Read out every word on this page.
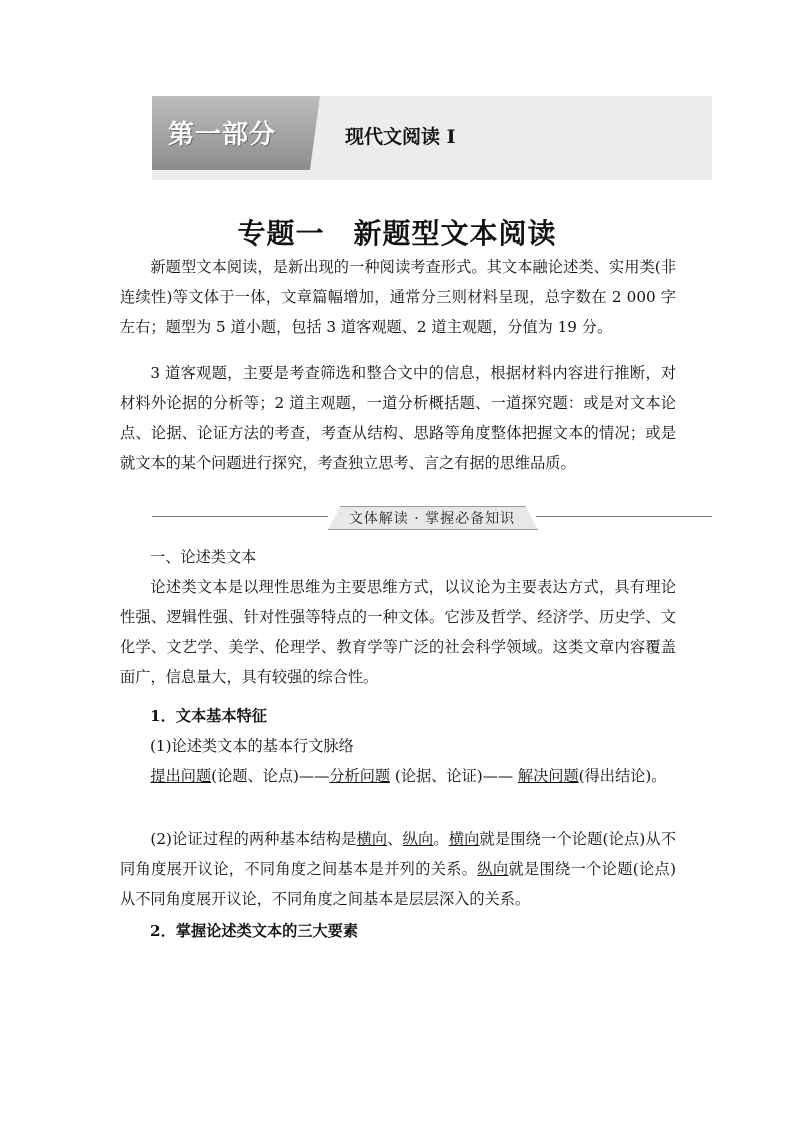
第一部分	现代文阅读 I
专题一　新题型文本阅读

新题型文本阅读，是新出现的一种阅读考查形式。其文本融论述类、实用类(非连续性)等文体于一体，文章篇幅增加，通常分三则材料呈现，总字数在 2 000 字左右；题型为 5 道小题，包括 3 道客观题、2 道主观题，分值为 19 分。

3 道客观题，主要是考查筛选和整合文中的信息，根据材料内容进行推断，对材料外论据的分析等；2 道主观题，一道分析概括题、一道探究题：或是对文本论点、论据、论证方法的考查，考查从结构、思路等角度整体把握文本的情况；或是就文本的某个问题进行探究，考查独立思考、言之有据的思维品质。

文体解读 · 掌握必备知识
一、论述类文本

论述类文本是以理性思维为主要思维方式，以议论为主要表达方式，具有理论性强、逻辑性强、针对性强等特点的一种文体。它涉及哲学、经济学、历史学、文化学、文艺学、美学、伦理学、教育学等广泛的社会科学领域。这类文章内容覆盖面广，信息量大，具有较强的综合性。

1．文本基本特征
(1)论述类文本的基本行文脉络

提出问题(论题、论点)——分析问题 (论据、论证)—— 解决问题(得出结论)。

(2)论证过程的两种基本结构是横向、纵向。横向就是围绕一个论题(论点)从不同角度展开议论，不同角度之间基本是并列的关系。纵向就是围绕一个论题(论点)从不同角度展开议论，不同角度之间基本是层层深入的关系。

2．掌握论述类文本的三大要素
